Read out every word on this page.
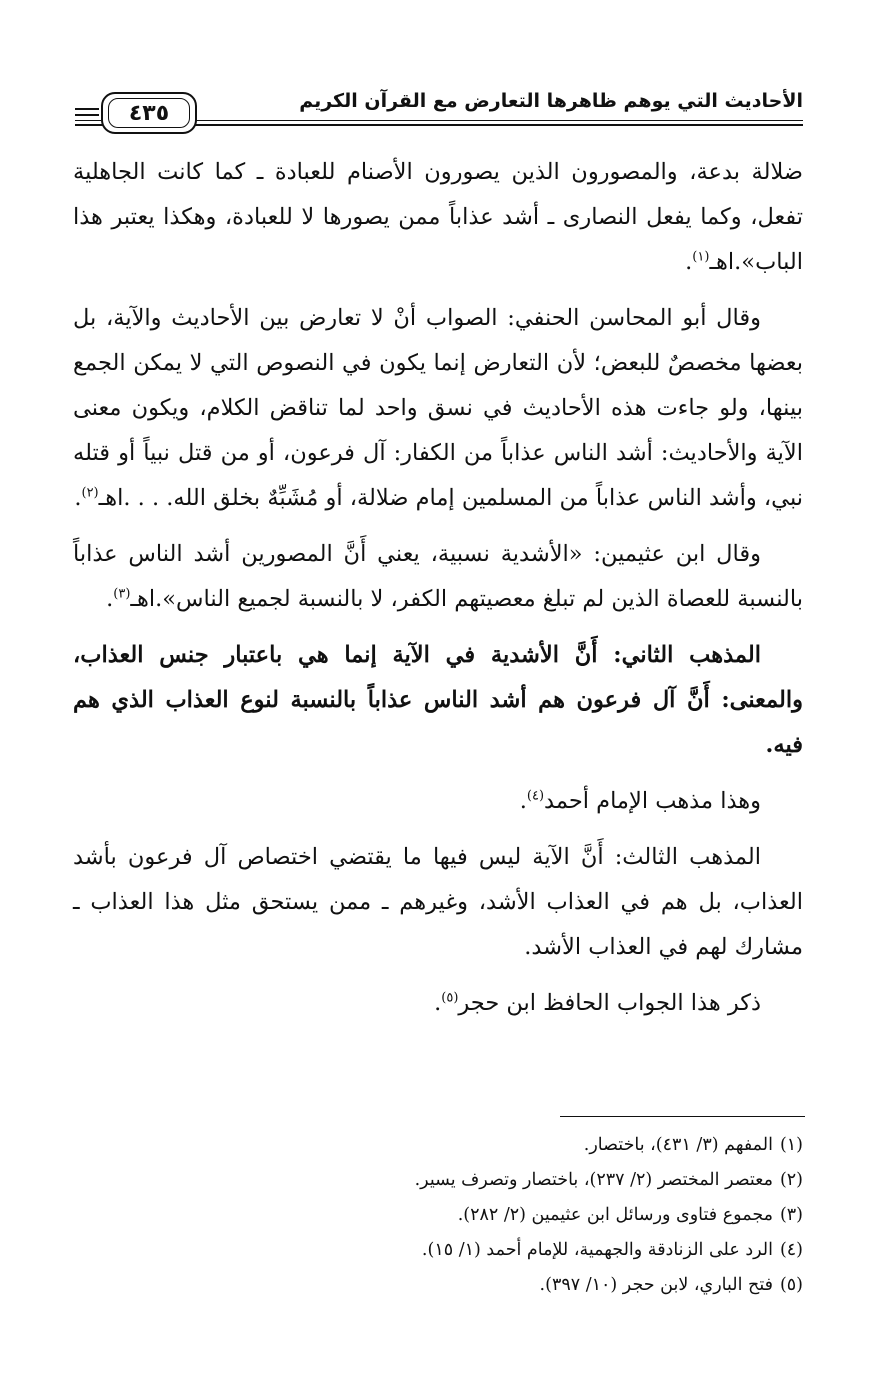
الأحاديث التي يوهم ظاهرها التعارض مع القرآن الكريم
٤٣٥

ضلالة بدعة، والمصورون الذين يصورون الأصنام للعبادة ـ كما كانت الجاهلية تفعل، وكما يفعل النصارى ـ أشد عذاباً ممن يصورها لا للعبادة، وهكذا يعتبر هذا الباب».اهـ$^{(١)}$.

وقال أبو المحاسن الحنفي: الصواب أنْ لا تعارض بين الأحاديث والآية، بل بعضها مخصصٌ للبعض؛ لأن التعارض إنما يكون في النصوص التي لا يمكن الجمع بينها، ولو جاءت هذه الأحاديث في نسق واحد لما تناقض الكلام، ويكون معنى الآية والأحاديث: أشد الناس عذاباً من الكفار: آل فرعون، أو من قتل نبياً أو قتله نبي، وأشد الناس عذاباً من المسلمين إمام ضلالة، أو مُشَبِّهٌ بخلق الله. . . .اهـ$^{(٢)}$.

وقال ابن عثيمين: «الأشدية نسبية، يعني أَنَّ المصورين أشد الناس عذاباً بالنسبة للعصاة الذين لم تبلغ معصيتهم الكفر، لا بالنسبة لجميع الناس».اهـ$^{(٣)}$.

المذهب الثاني: أَنَّ الأشدية في الآية إنما هي باعتبار جنس العذاب، والمعنى: أَنَّ آل فرعون هم أشد الناس عذاباً بالنسبة لنوع العذاب الذي هم فيه.

وهذا مذهب الإمام أحمد$^{(٤)}$.

المذهب الثالث: أَنَّ الآية ليس فيها ما يقتضي اختصاص آل فرعون بأشد العذاب، بل هم في العذاب الأشد، وغيرهم ـ ممن يستحق مثل هذا العذاب ـ مشارك لهم في العذاب الأشد.

ذكر هذا الجواب الحافظ ابن حجر$^{(٥)}$.

(١)المفهم (٣/ ٤٣١)، باختصار.
(٢)معتصر المختصر (٢/ ٢٣٧)، باختصار وتصرف يسير.
(٣)مجموع فتاوى ورسائل ابن عثيمين (٢/ ٢٨٢).
(٤)الرد على الزنادقة والجهمية، للإمام أحمد (١/ ١٥).
(٥)فتح الباري، لابن حجر (١٠/ ٣٩٧).
